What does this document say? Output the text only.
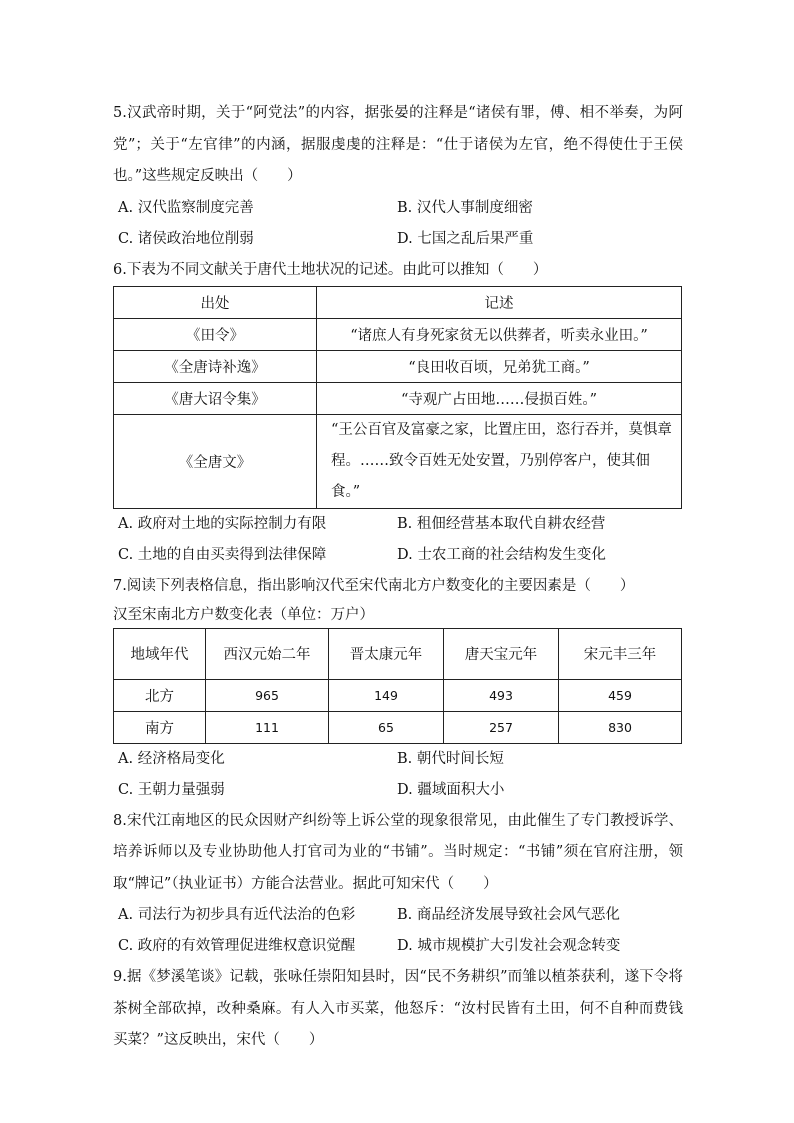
5.汉武帝时期，关于“阿党法”的内容，据张晏的注释是“诸侯有罪，傅、相不举奏，为阿党”；关于“左官律”的内涵，据服虔虔的注释是：“仕于诸侯为左官，绝不得使仕于王侯也。”这些规定反映出（　　）

A. 汉代监察制度完善	B. 汉代人事制度细密
C. 诸侯政治地位削弱	D. 七国之乱后果严重

6.下表为不同文献关于唐代土地状况的记述。由此可以推知（　　）

出处	记述
《田令》	“诸庶人有身死家贫无以供葬者，听卖永业田。”
《全唐诗补逸》	“良田收百顷，兄弟犹工商。”
《唐大诏令集》	“寺观广占田地……侵损百姓。”
《全唐文》	“王公百官及富豪之家，比置庄田，恣行吞并，莫惧章程。……致令百姓无处安置，乃别停客户，使其佃食。”
A. 政府对土地的实际控制力有限	B. 租佃经营基本取代自耕农经营
C. 土地的自由买卖得到法律保障	D. 士农工商的社会结构发生变化

7.阅读下列表格信息，指出影响汉代至宋代南北方户数变化的主要因素是（　　）

汉至宋南北方户数变化表（单位：万户）

地域年代	西汉元始二年	晋太康元年	唐天宝元年	宋元丰三年
北方	965	149	493	459
南方	111	65	257	830
A. 经济格局变化	B. 朝代时间长短
C. 王朝力量强弱	D. 疆域面积大小

8.宋代江南地区的民众因财产纠纷等上诉公堂的现象很常见，由此催生了专门教授诉学、培养诉师以及专业协助他人打官司为业的“书铺”。当时规定：“书铺”须在官府注册，领取“牌记”（执业证书）方能合法营业。据此可知宋代（　　）

A. 司法行为初步具有近代法治的色彩	B. 商品经济发展导致社会风气恶化
C. 政府的有效管理促进维权意识觉醒	D. 城市规模扩大引发社会观念转变

9.据《梦溪笔谈》记载，张咏任崇阳知县时，因“民不务耕织”而雏以植茶获利，遂下令将茶树全部砍掉，改种桑麻。有人入市买菜，他怒斥：“汝村民皆有土田，何不自种而费钱买菜？”这反映出，宋代（　　）
